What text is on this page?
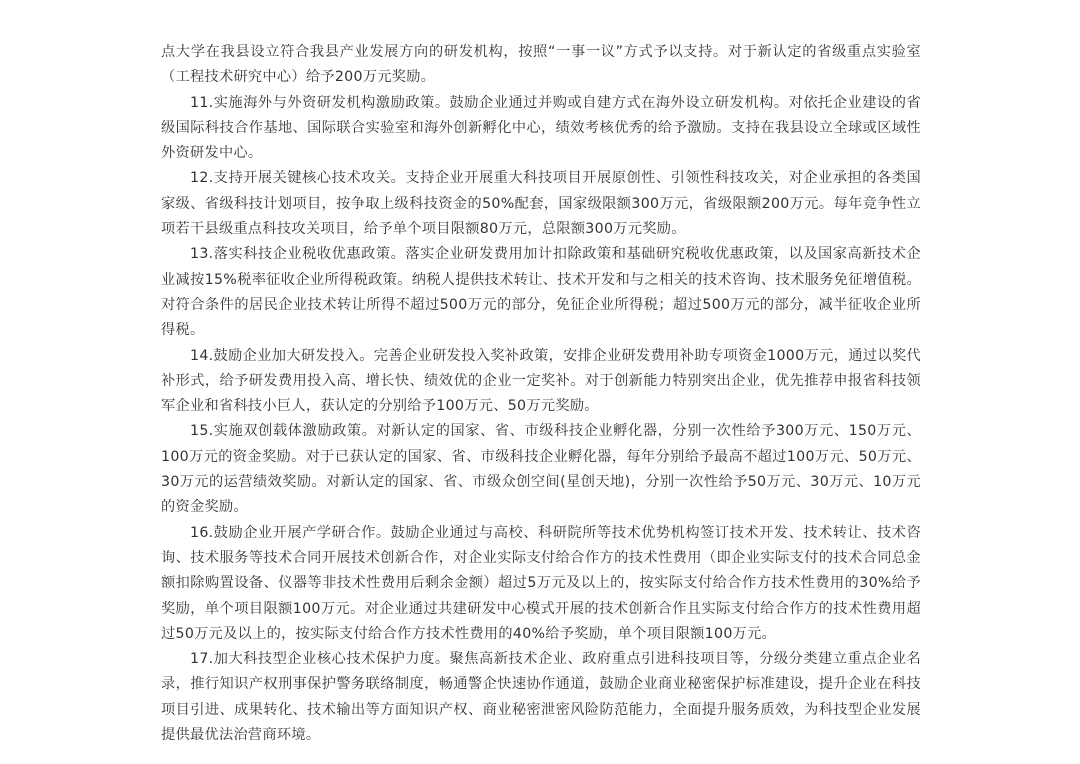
点大学在我县设立符合我县产业发展方向的研发机构，按照“一事一议”方式予以支持。对于新认定的省级重点实验室（工程技术研究中心）给予200万元奖励。

11.实施海外与外资研发机构激励政策。鼓励企业通过并购或自建方式在海外设立研发机构。对依托企业建设的省级国际科技合作基地、国际联合实验室和海外创新孵化中心，绩效考核优秀的给予激励。支持在我县设立全球或区域性外资研发中心。

12.支持开展关键核心技术攻关。支持企业开展重大科技项目开展原创性、引领性科技攻关，对企业承担的各类国家级、省级科技计划项目，按争取上级科技资金的50%配套，国家级限额300万元，省级限额200万元。每年竞争性立项若干县级重点科技攻关项目，给予单个项目限额80万元，总限额300万元奖励。

13.落实科技企业税收优惠政策。落实企业研发费用加计扣除政策和基础研究税收优惠政策，以及国家高新技术企业减按15%税率征收企业所得税政策。纳税人提供技术转让、技术开发和与之相关的技术咨询、技术服务免征增值税。对符合条件的居民企业技术转让所得不超过500万元的部分，免征企业所得税；超过500万元的部分，减半征收企业所得税。

14.鼓励企业加大研发投入。完善企业研发投入奖补政策，安排企业研发费用补助专项资金1000万元，通过以奖代补形式，给予研发费用投入高、增长快、绩效优的企业一定奖补。对于创新能力特别突出企业，优先推荐申报省科技领军企业和省科技小巨人，获认定的分别给予100万元、50万元奖励。

15.实施双创载体激励政策。对新认定的国家、省、市级科技企业孵化器，分别一次性给予300万元、150万元、100万元的资金奖励。对于已获认定的国家、省、市级科技企业孵化器，每年分别给予最高不超过100万元、50万元、30万元的运营绩效奖励。对新认定的国家、省、市级众创空间(星创天地)，分别一次性给予50万元、30万元、10万元的资金奖励。

16.鼓励企业开展产学研合作。鼓励企业通过与高校、科研院所等技术优势机构签订技术开发、技术转让、技术咨询、技术服务等技术合同开展技术创新合作，对企业实际支付给合作方的技术性费用（即企业实际支付的技术合同总金额扣除购置设备、仪器等非技术性费用后剩余金额）超过5万元及以上的，按实际支付给合作方技术性费用的30%给予奖励，单个项目限额100万元。对企业通过共建研发中心模式开展的技术创新合作且实际支付给合作方的技术性费用超过50万元及以上的，按实际支付给合作方技术性费用的40%给予奖励，单个项目限额100万元。

17.加大科技型企业核心技术保护力度。聚焦高新技术企业、政府重点引进科技项目等，分级分类建立重点企业名录，推行知识产权刑事保护警务联络制度，畅通警企快速协作通道，鼓励企业商业秘密保护标准建设，提升企业在科技项目引进、成果转化、技术输出等方面知识产权、商业秘密泄密风险防范能力，全面提升服务质效，为科技型企业发展提供最优法治营商环境。
